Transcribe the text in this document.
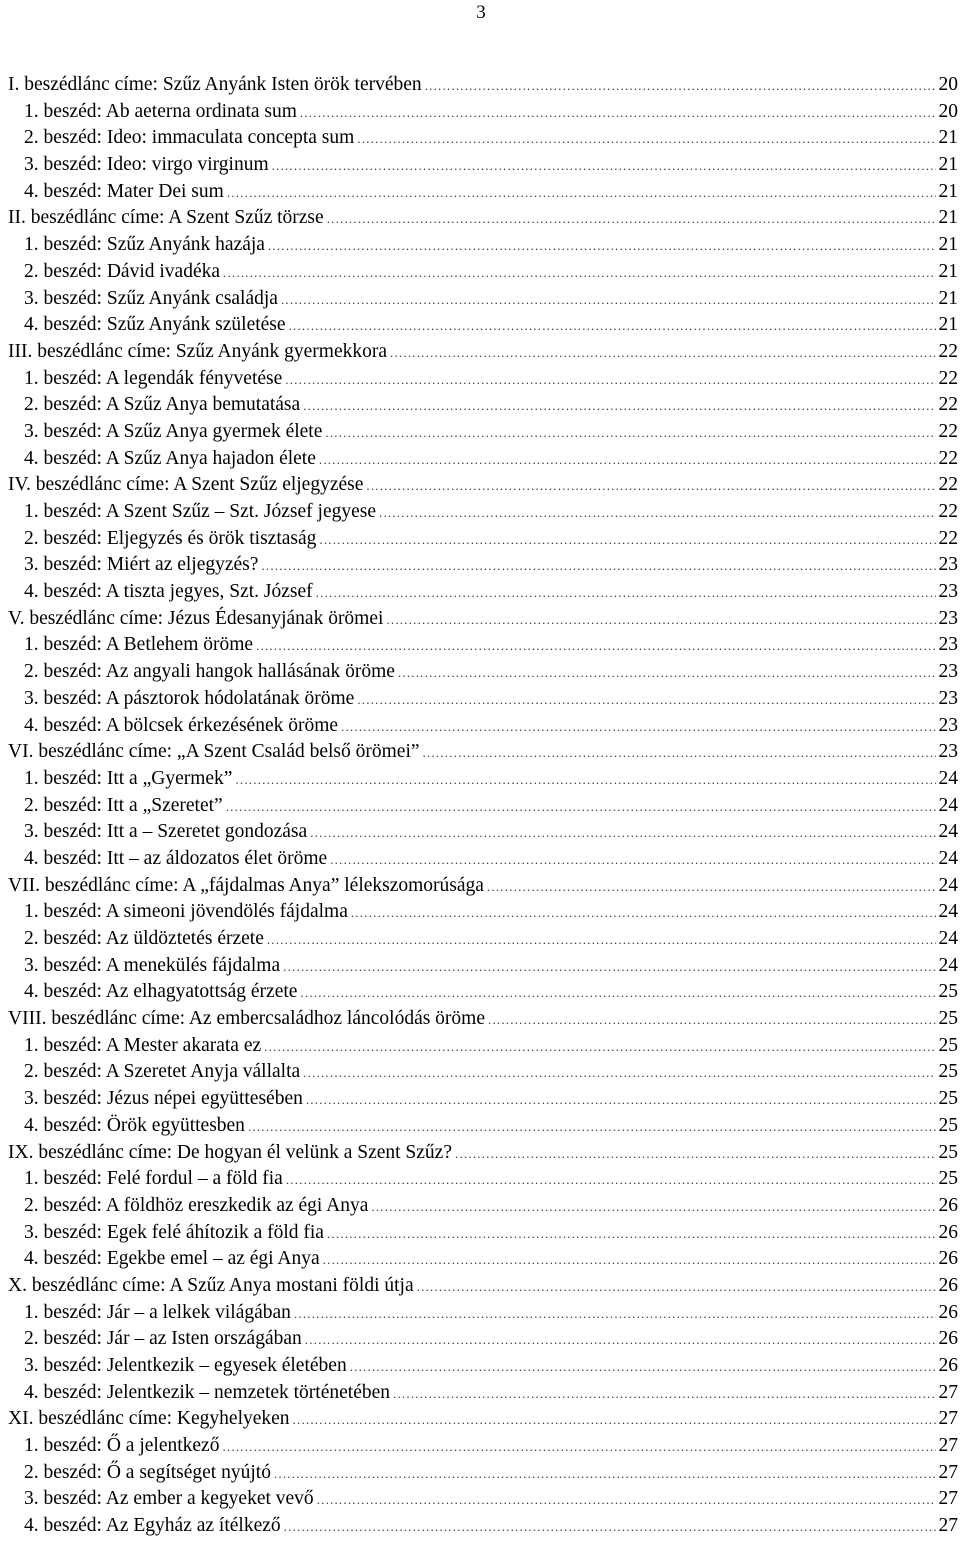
3
I. beszédlánc címe: Szűz Anyánk Isten örök tervében .....	20
1. beszéd: Ab aeterna ordinata sum .....	20
2. beszéd: Ideo: immaculata concepta sum .....	21
3. beszéd: Ideo: virgo virginum .....	21
4. beszéd: Mater Dei sum .....	21
II. beszédlánc címe: A Szent Szűz törzse .....	21
1. beszéd: Szűz Anyánk hazája .....	21
2. beszéd: Dávid ivadéka .....	21
3. beszéd: Szűz Anyánk családja .....	21
4. beszéd: Szűz Anyánk születése .....	21
III. beszédlánc címe: Szűz Anyánk gyermekkora .....	22
1. beszéd: A legendák fényvetése .....	22
2. beszéd: A Szűz Anya bemutatása .....	22
3. beszéd: A Szűz Anya gyermek élete .....	22
4. beszéd: A Szűz Anya hajadon élete .....	22
IV. beszédlánc címe: A Szent Szűz eljegyzése .....	22
1. beszéd: A Szent Szűz – Szt. József jegyese .....	22
2. beszéd: Eljegyzés és örök tisztaság .....	22
3. beszéd: Miért az eljegyzés? .....	23
4. beszéd: A tiszta jegyes, Szt. József .....	23
V. beszédlánc címe: Jézus Édesanyjának örömei .....	23
1. beszéd: A Betlehem öröme .....	23
2. beszéd: Az angyali hangok hallásának öröme .....	23
3. beszéd: A pásztorok hódolatának öröme .....	23
4. beszéd: A bölcsek érkezésének öröme .....	23
VI. beszédlánc címe: „A Szent Család belső örömei” .....	23
1. beszéd: Itt a „Gyermek” .....	24
2. beszéd: Itt a „Szeretet” .....	24
3. beszéd: Itt a – Szeretet gondozása .....	24
4. beszéd: Itt – az áldozatos élet öröme .....	24
VII. beszédlánc címe: A „fájdalmas Anya” lélekszomorúsága .....	24
1. beszéd: A simeoni jövendölés fájdalma .....	24
2. beszéd: Az üldöztetés érzete .....	24
3. beszéd: A menekülés fájdalma .....	24
4. beszéd: Az elhagyatottság érzete .....	25
VIII. beszédlánc címe: Az embercsaládhoz láncolódás öröme .....	25
1. beszéd: A Mester akarata ez .....	25
2. beszéd: A Szeretet Anyja vállalta .....	25
3. beszéd: Jézus népei együttesében .....	25
4. beszéd: Örök együttesben .....	25
IX. beszédlánc címe: De hogyan él velünk a Szent Szűz? .....	25
1. beszéd: Felé fordul – a föld fia .....	25
2. beszéd: A földhöz ereszkedik az égi Anya .....	26
3. beszéd: Egek felé áhítozik a föld fia .....	26
4. beszéd: Egekbe emel – az égi Anya .....	26
X. beszédlánc címe: A Szűz Anya mostani földi útja .....	26
1. beszéd: Jár – a lelkek világában .....	26
2. beszéd: Jár – az Isten országában .....	26
3. beszéd: Jelentkezik – egyesek életében .....	26
4. beszéd: Jelentkezik – nemzetek történetében .....	27
XI. beszédlánc címe: Kegyhelyeken .....	27
1. beszéd: Ő a jelentkező .....	27
2. beszéd: Ő a segítséget nyújtó .....	27
3. beszéd: Az ember a kegyeket vevő .....	27
4. beszéd: Az Egyház az ítélkező .....	27
